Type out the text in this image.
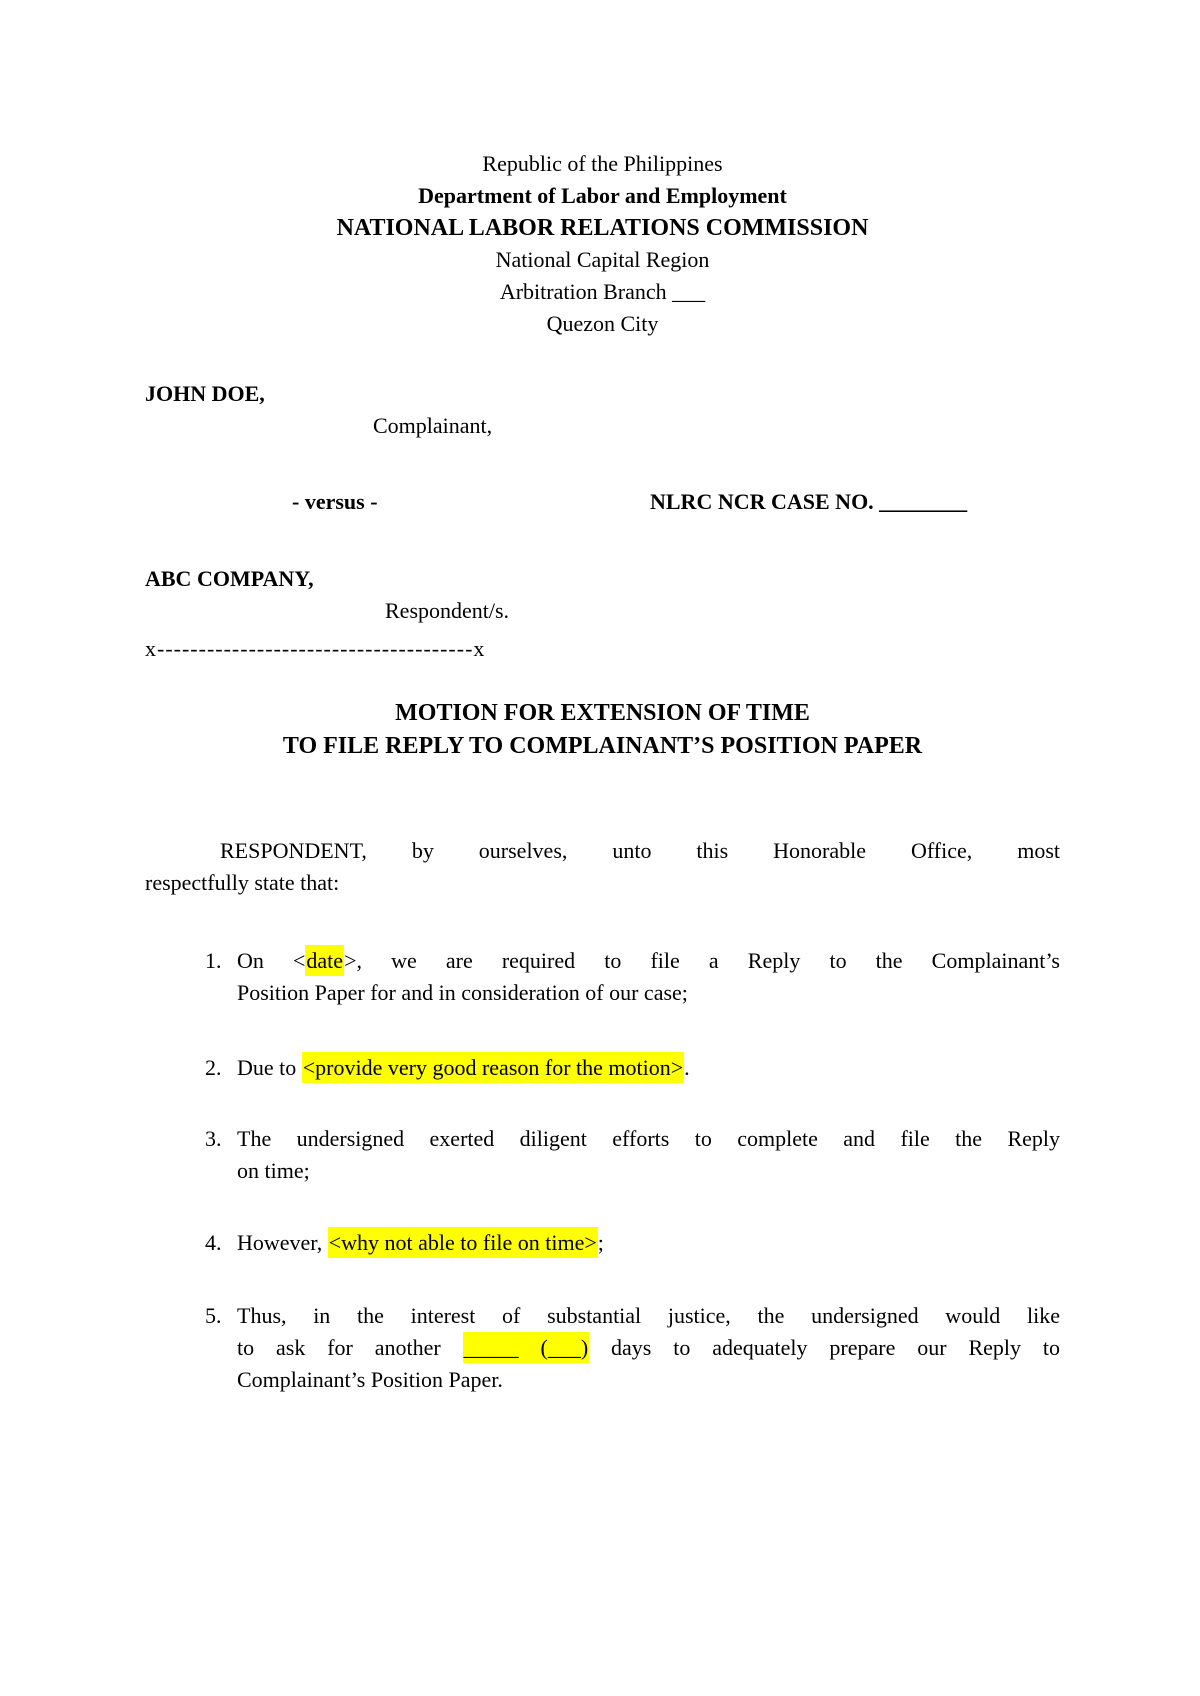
Republic of the Philippines
Department of Labor and Employment
NATIONAL LABOR RELATIONS COMMISSION
National Capital Region
Arbitration Branch ___
Quezon City
JOHN DOE,
Complainant,
- versus -	NLRC NCR CASE NO. ________
ABC COMPANY,
Respondent/s.
x--------------------------------------x
MOTION FOR EXTENSION OF TIME
TO FILE REPLY TO COMPLAINANT’S POSITION PAPER
RESPONDENT, by ourselves, unto this Honorable Office, most
respectfully state that:
1. On <date>, we are required to file a Reply to the Complainant’s
Position Paper for and in consideration of our case;
2. Due to <provide very good reason for the motion>.
3. The undersigned exerted diligent efforts to complete and file the Reply
on time;
4. However, <why not able to file on time>;
5. Thus, in the interest of substantial justice, the undersigned would like
to ask for another _____ (___) days to adequately prepare our Reply to
Complainant’s Position Paper.
